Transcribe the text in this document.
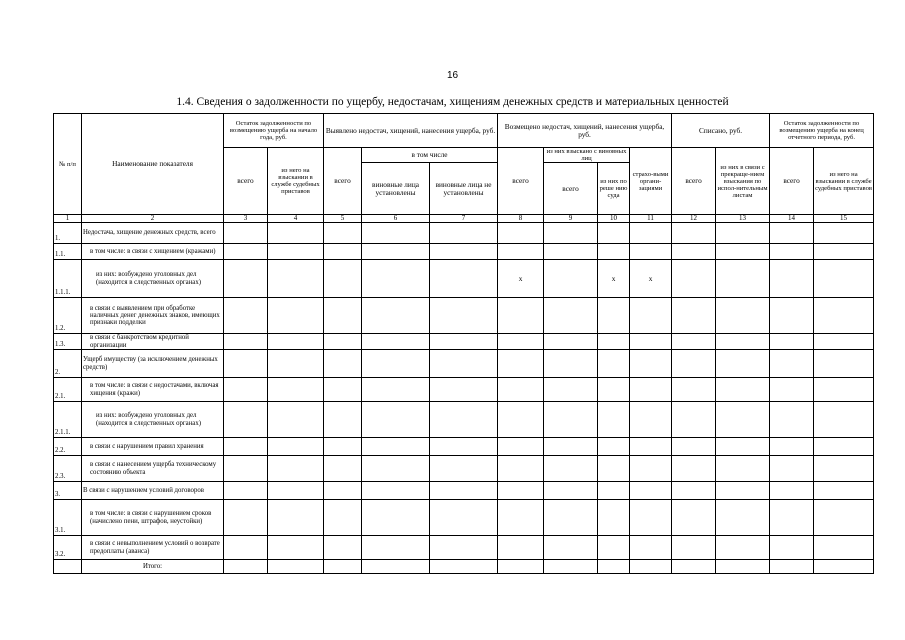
16
1.4. Сведения о задолженности по ущербу, недостачам, хищениям денежных средств и материальных ценностей
№ п/п	Наименование показателя	Остаток задолженности по возмещению ущерба на начало года, руб.		Выявлено недостач, хищений, нанесения ущерба, руб.			Возмещено недостач, хищений, нанесения ущерба, руб.				Списано, руб.		Остаток задолженности по возмещению ущерба на конец отчетного периода, руб.	
		всего	из него на взыскании в службе судебных приставов	всего	в том числе		всего	из них взыскано с виновных лиц		страхо-выми органи-зациями	всего	из них в связи с прекраще-нием взыскания по испол-нительным листам	всего	из него на взыскании в службе судебных приставов
					виновные лица установлены	виновные лица не установлены		всего	из них по реше нию суда					
1	2	3	4	5	6	7	8	9	10	11	12	13	14	15
1.	Недостача, хищение денежных средств, всего													
1.1.	в том числе: в связи с хищением (кражами)													
1.1.1.	из них: возбуждено уголовных дел (находится в следственных органах)						x		x	x				
1.2.	в связи с выявлением при обработке наличных денег денежных знаков, имеющих признаки подделки													
1.3.	в связи с банкротством кредитной организации													
2.	Ущерб имуществу (за исключением денежных средств)													
2.1.	в том числе: в связи с недостачами, включая хищения (кражи)													
2.1.1.	из них: возбуждено уголовных дел (находится в следственных органах)													
2.2.	в связи с нарушением правил хранения													
2.3.	в связи с нанесением ущерба техническому состоянию объекта													
3.	В связи с нарушением условий договоров													
3.1.	в том числе: в связи с нарушением сроков (начислено пени, штрафов, неустойки)													
3.2.	в связи с невыполнением условий о возврате предоплаты (аванса)													
	Итого:													
